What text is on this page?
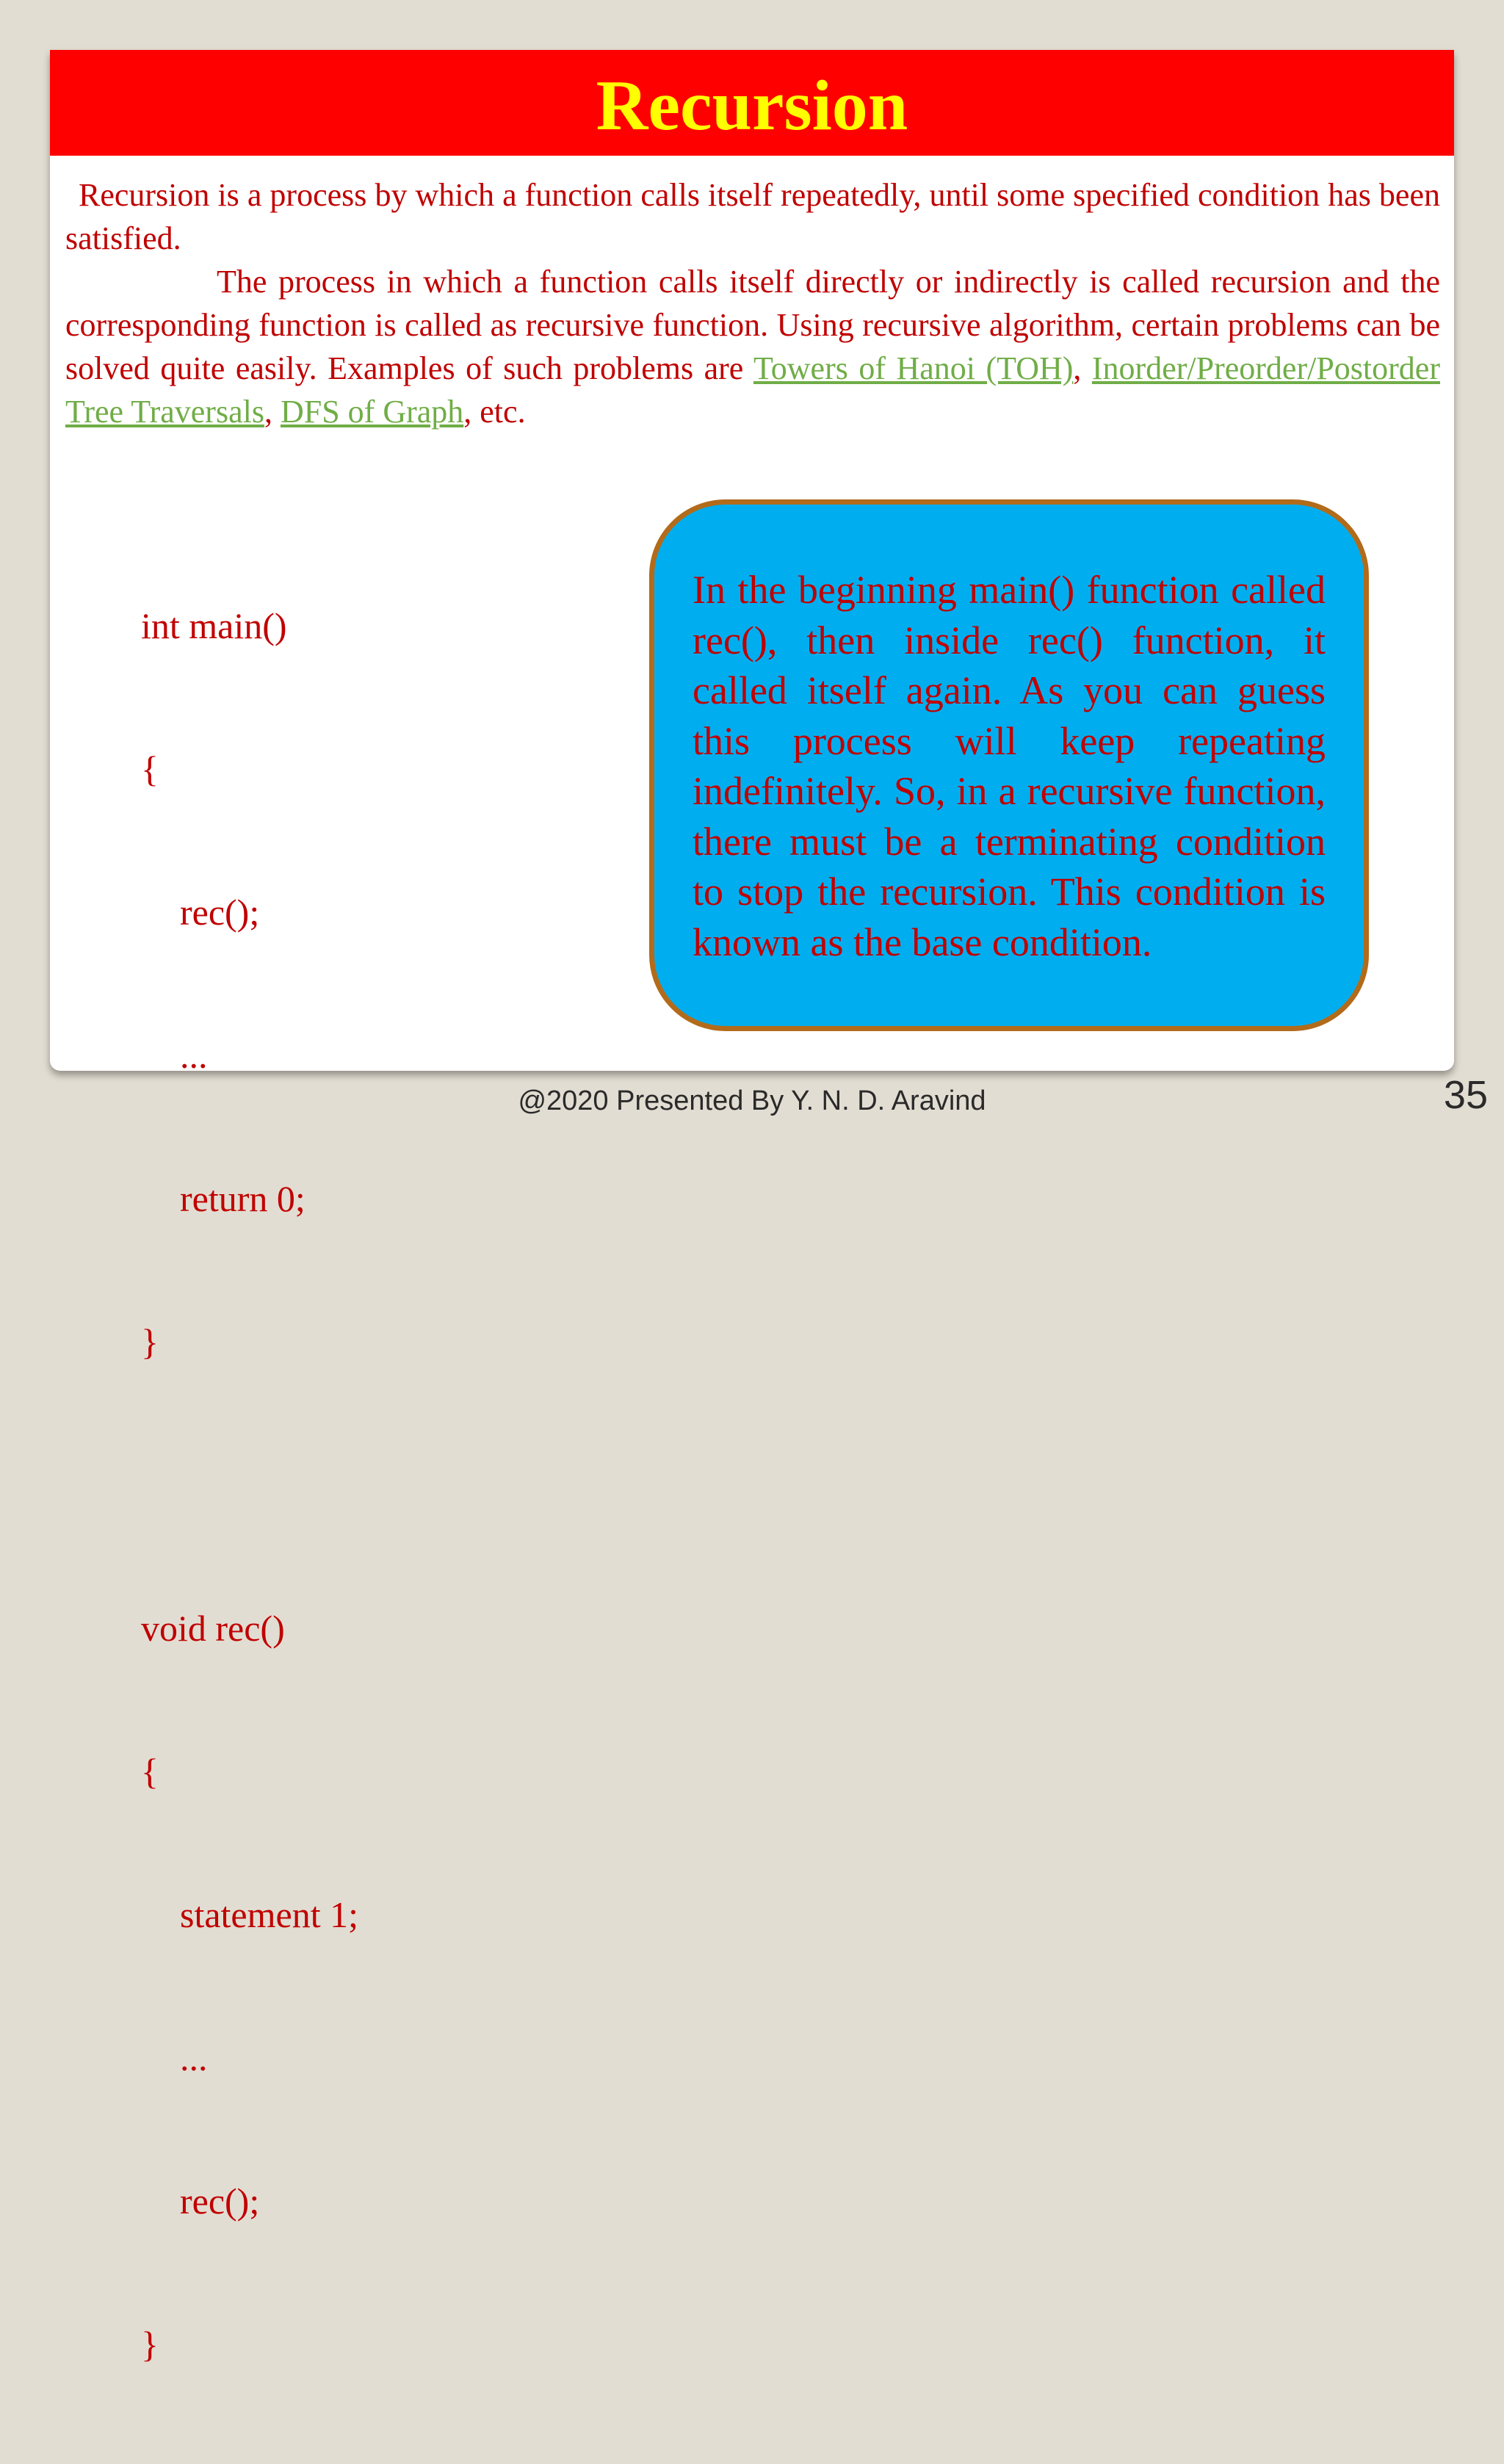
Recursion

Recursion is a process by which a function calls itself repeatedly, until some specified condition has been satisfied.

The process in which a function calls itself directly or indirectly is called recursion and the corresponding function is called as recursive function. Using recursive algorithm, certain problems can be solved quite easily. Examples of such problems are Towers of Hanoi (TOH), Inorder/Preorder/Postorder Tree Traversals, DFS of Graph, etc.

int main()

{

rec();

...

return 0;

}

void rec()

{

statement 1;

...

rec();

}

In the beginning main() function called rec(), then inside rec() function, it called itself again. As you can guess this process will keep repeating indefinitely. So, in a recursive function, there must be a terminating condition to stop the recursion. This condition is known as the base condition.

@2020 Presented By Y. N. D. Aravind	35
